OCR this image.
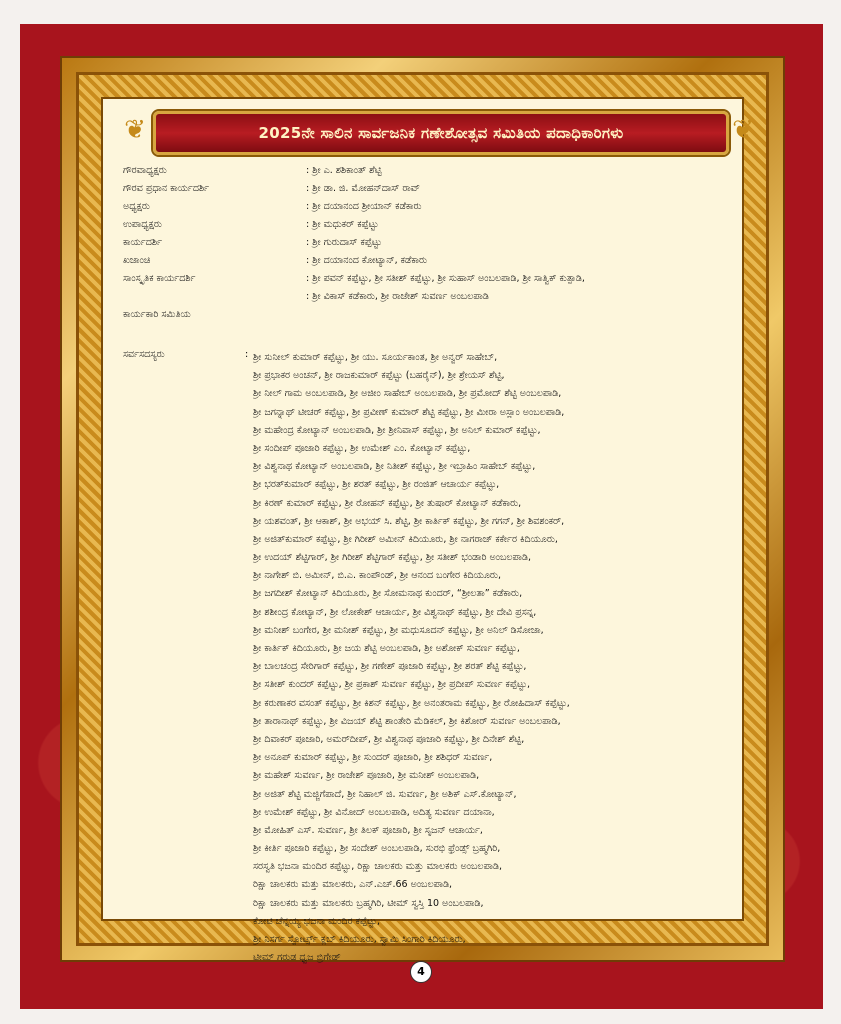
❦	2025ನೇ ಸಾಲಿನ ಸಾರ್ವಜನಿಕ ಗಣೇಶೋತ್ಸವ ಸಮಿತಿಯ ಪದಾಧಿಕಾರಿಗಳು	❦
ಗೌರವಾಧ್ಯಕ್ಷರು	: ಶ್ರೀ ಎ. ಶಶಿಕಾಂತ್ ಶೆಟ್ಟಿ
ಗೌರವ ಪ್ರಧಾನ ಕಾರ್ಯದರ್ಶಿ	: ಶ್ರೀ ಡಾ. ಜಿ. ಮೋಹನ್‌ದಾಸ್ ರಾವ್
ಅಧ್ಯಕ್ಷರು	: ಶ್ರೀ ದಯಾನಂದ ಶ್ರೀಯಾನ್ ಕಡೆಕಾರು
ಉಪಾಧ್ಯಕ್ಷರು	: ಶ್ರೀ ಮಧುಕರ್ ಕಪ್ಪೆಟ್ಟು
ಕಾರ್ಯದರ್ಶಿ	: ಶ್ರೀ ಗುರುದಾಸ್ ಕಪ್ಪೆಟ್ಟು
ಖಜಾಂಚಿ	: ಶ್ರೀ ದಯಾನಂದ ಕೋಟ್ಯಾನ್, ಕಡೆಕಾರು
ಸಾಂಸ್ಕೃತಿಕ ಕಾರ್ಯದರ್ಶಿ	: ಶ್ರೀ ಪವನ್ ಕಪ್ಪೆಟ್ಟು, ಶ್ರೀ ಸತೀಶ್ ಕಪ್ಪೆಟ್ಟು, ಶ್ರೀ ಸುಹಾಸ್ ಅಂಬಲಪಾಡಿ, ಶ್ರೀ ಸಾತ್ವಿಕ್ ಕುತ್ಪಾಡಿ,
: ಶ್ರೀ ವಿಕಾಸ್ ಕಡೆಕಾರು, ಶ್ರೀ ರಾಜೇಶ್ ಸುವರ್ಣ ಅಂಬಲಪಾಡಿ
ಕಾರ್ಯಕಾರಿ ಸಮಿತಿಯ
ಸರ್ವಸದಸ್ಯರು	: ಶ್ರೀ ಸುನೀಲ್ ಕುಮಾರ್ ಕಪ್ಪೆಟ್ಟು, ಶ್ರೀ ಯು. ಸೂರ್ಯಕಾಂತ, ಶ್ರೀ ಅನ್ವರ್ ಸಾಹೇಬ್,
ಶ್ರೀ ಪ್ರಭಾಕರ ಅಂಚನ್, ಶ್ರೀ ರಾಜಕುಮಾರ್ ಕಪ್ಪೆಟ್ಟು (ಬಹರೈನ್), ಶ್ರೀ ಶ್ರೇಯಸ್ ಶೆಟ್ಟಿ,
ಶ್ರೀ ನೀಲ್ ಗಾಮ ಅಂಬಲಪಾಡಿ, ಶ್ರೀ ಅಜೀಂ ಸಾಹೇಬ್ ಅಂಬಲಪಾಡಿ, ಶ್ರೀ ಪ್ರಮೋದ್ ಶೆಟ್ಟಿ ಅಂಬಲಪಾಡಿ,
ಶ್ರೀ ಜಗನ್ನಾಥ್ ಟೀಚರ್ ಕಪ್ಪೆಟ್ಟು, ಶ್ರೀ ಪ್ರವೀಣ್ ಕುಮಾರ್ ಶೆಟ್ಟಿ ಕಪ್ಪೆಟ್ಟು, ಶ್ರೀ ಮೀರಾ ಅಸ್ಲಾಂ ಅಂಬಲಪಾಡಿ,
ಶ್ರೀ ಮಹೇಂದ್ರ ಕೋಟ್ಯಾನ್ ಅಂಬಲಪಾಡಿ, ಶ್ರೀ ಶ್ರೀನಿವಾಸ್ ಕಪ್ಪೆಟ್ಟು, ಶ್ರೀ ಅನಿಲ್ ಕುಮಾರ್ ಕಪ್ಪೆಟ್ಟು,
ಶ್ರೀ ಸಂದೀಪ್ ಪೂಜಾರಿ ಕಪ್ಪೆಟ್ಟು, ಶ್ರೀ ಉಮೇಶ್ ಎಂ. ಕೋಟ್ಯಾನ್ ಕಪ್ಪೆಟ್ಟು,
ಶ್ರೀ ವಿಶ್ವನಾಥ ಕೋಟ್ಯಾನ್ ಅಂಬಲಪಾಡಿ, ಶ್ರೀ ನಿತೀಶ್ ಕಪ್ಪೆಟ್ಟು, ಶ್ರೀ ಇಬ್ರಾಹಿಂ ಸಾಹೇಬ್ ಕಪ್ಪೆಟ್ಟು,
ಶ್ರೀ ಭರತ್‌ಕುಮಾರ್ ಕಪ್ಪೆಟ್ಟು, ಶ್ರೀ ಶರತ್ ಕಪ್ಪೆಟ್ಟು, ಶ್ರೀ ರಂಜಿತ್ ಆಚಾರ್ಯ ಕಪ್ಪೆಟ್ಟು,
ಶ್ರೀ ಕಿರಣ್ ಕುಮಾರ್ ಕಪ್ಪೆಟ್ಟು, ಶ್ರೀ ರೋಹನ್ ಕಪ್ಪೆಟ್ಟು, ಶ್ರೀ ತುಷಾರ್ ಕೋಟ್ಯಾನ್ ಕಡೆಕಾರು,
ಶ್ರೀ ಯಶವಂತ್, ಶ್ರೀ ಆಕಾಶ್, ಶ್ರೀ ಅಭಯ್ ಸಿ. ಶೆಟ್ಟಿ, ಶ್ರೀ ಕಾರ್ತಿಕ್ ಕಪ್ಪೆಟ್ಟು, ಶ್ರೀ ಗಗನ್, ಶ್ರೀ ಶಿವಶಂಕರ್,
ಶ್ರೀ ಅಜಿತ್‌ಕುಮಾರ್ ಕಪ್ಪೆಟ್ಟು, ಶ್ರೀ ಗಿರೀಶ್ ಅಮೀನ್ ಕಿದಿಯೂರು, ಶ್ರೀ ನಾಗರಾಜ್ ಕರ್ಕೇರ ಕಿದಿಯೂರು,
ಶ್ರೀ ಉದಯ್ ಶೆಟ್ಟಿಗಾರ್, ಶ್ರೀ ಗಿರೀಶ್ ಶೆಟ್ಟಿಗಾರ್ ಕಪ್ಪೆಟ್ಟು, ಶ್ರೀ ಸತೀಶ್ ಭಂಡಾರಿ ಅಂಬಲಪಾಡಿ,
ಶ್ರೀ ನಾಗೇಶ್ ಬಿ. ಅಮೀನ್, ಬಿ.ಎ. ಕಾಂಪೌಂಡ್, ಶ್ರೀ ಆನಂದ ಬಂಗೇರ ಕಿದಿಯೂರು,
ಶ್ರೀ ಜಗದೀಶ್ ಕೋಟ್ಯಾನ್ ಕಿದಿಯೂರು, ಶ್ರೀ ಸೋಮನಾಥ ಕುಂದರ್, “ಶ್ರೀಲತಾ” ಕಡೆಕಾರು,
ಶ್ರೀ ಶಶೀಂದ್ರ ಕೋಟ್ಯಾನ್, ಶ್ರೀ ಲೋಕೇಶ್ ಆಚಾರ್ಯ, ಶ್ರೀ ವಿಶ್ವನಾಥ್ ಕಪ್ಪೆಟ್ಟು, ಶ್ರೀ ದೇವಿ ಪ್ರಸನ್ನ,
ಶ್ರೀ ಮನೀಶ್ ಬಂಗೇರ, ಶ್ರೀ ಮನೀಶ್ ಕಪ್ಪೆಟ್ಟು, ಶ್ರೀ ಮಧುಸೂದನ್ ಕಪ್ಪೆಟ್ಟು, ಶ್ರೀ ಅನಿಲ್ ಡಿಸೋಜಾ,
ಶ್ರೀ ಕಾರ್ತಿಕ್ ಕಿದಿಯೂರು, ಶ್ರೀ ಜಯ ಶೆಟ್ಟಿ ಅಂಬಲಪಾಡಿ, ಶ್ರೀ ಅಶೋಕ್ ಸುವರ್ಣ ಕಪ್ಪೆಟ್ಟು,
ಶ್ರೀ ಬಾಲಚಂದ್ರ ಸೇರಿಗಾರ್ ಕಪ್ಪೆಟ್ಟು, ಶ್ರೀ ಗಣೇಶ್ ಪೂಜಾರಿ ಕಪ್ಪೆಟ್ಟು, ಶ್ರೀ ಶರತ್ ಶೆಟ್ಟಿ ಕಪ್ಪೆಟ್ಟು,
ಶ್ರೀ ಸತೀಶ್ ಕುಂದರ್ ಕಪ್ಪೆಟ್ಟು, ಶ್ರೀ ಪ್ರಕಾಶ್ ಸುವರ್ಣ ಕಪ್ಪೆಟ್ಟು, ಶ್ರೀ ಪ್ರದೀಪ್ ಸುವರ್ಣ ಕಪ್ಪೆಟ್ಟು,
ಶ್ರೀ ಕರುಣಾಕರ ವಸಂತ್ ಕಪ್ಪೆಟ್ಟು, ಶ್ರೀ ಕಿಶನ್ ಕಪ್ಪೆಟ್ಟು, ಶ್ರೀ ಅನಂತರಾಮ ಕಪ್ಪೆಟ್ಟು, ಶ್ರೀ ರೋಹಿದಾಸ್ ಕಪ್ಪೆಟ್ಟು,
ಶ್ರೀ ತಾರಾನಾಥ್ ಕಪ್ಪೆಟ್ಟು, ಶ್ರೀ ವಿಜಯ್ ಶೆಟ್ಟಿ ಶಾಂತೇರಿ ಮೆಡಿಕಲ್, ಶ್ರೀ ಕಿಶೋರ್ ಸುವರ್ಣ ಅಂಬಲಪಾಡಿ,
ಶ್ರೀ ದಿವಾಕರ್ ಪೂಜಾರಿ, ಅಮರ್‌ದೀಪ್, ಶ್ರೀ ವಿಶ್ವನಾಥ ಪೂಜಾರಿ ಕಪ್ಪೆಟ್ಟು, ಶ್ರೀ ದಿನೇಶ್ ಶೆಟ್ಟಿ,
ಶ್ರೀ ಅನೂಪ್ ಕುಮಾರ್ ಕಪ್ಪೆಟ್ಟು, ಶ್ರೀ ಸುಂದರ್ ಪೂಜಾರಿ, ಶ್ರೀ ಶಶಿಧರ್ ಸುವರ್ಣ,
ಶ್ರೀ ಮಹೇಶ್ ಸುವರ್ಣ, ಶ್ರೀ ರಾಜೇಶ್ ಪೂಜಾರಿ, ಶ್ರೀ ಮನೀಶ್ ಅಂಬಲಪಾಡಿ,
ಶ್ರೀ ಅಜಿತ್ ಶೆಟ್ಟಿ ಮಜ್ಜಿಗೆಪಾದೆ, ಶ್ರೀ ನಿಹಾಲ್ ಜಿ. ಸುವರ್ಣ, ಶ್ರೀ ಅಶಿಕ್ ಎಸ್.ಕೋಟ್ಯಾನ್,
ಶ್ರೀ ಉಮೇಶ್ ಕಪ್ಪೆಟ್ಟು, ಶ್ರೀ ವಿನೋದ್ ಅಂಬಲಪಾಡಿ, ಅದಿತ್ಯ ಸುವರ್ಣ ದಯಾನಾ,
ಶ್ರೀ ಮೋಹಿತ್ ಎಸ್. ಸುವರ್ಣ, ಶ್ರೀ ತಿಲಕ್ ಪೂಜಾರಿ, ಶ್ರೀ ಸೃಜನ್ ಆಚಾರ್ಯ,
ಶ್ರೀ ಕೀರ್ತಿ ಪೂಜಾರಿ ಕಪ್ಪೆಟ್ಟು, ಶ್ರೀ ಸಂದೇಶ್ ಅಂಬಲಪಾಡಿ, ಸುರಭಿ ಫ್ರೆಂಡ್ಸ್ ಬ್ರಹ್ಮಗಿರಿ,
ಸರಸ್ವತಿ ಭಜನಾ ಮಂದಿರ ಕಪ್ಪೆಟ್ಟು, ರಿಕ್ಷಾ ಚಾಲಕರು ಮತ್ತು ಮಾಲಕರು ಅಂಬಲಪಾಡಿ,
ರಿಕ್ಷಾ ಚಾಲಕರು ಮತ್ತು ಮಾಲಕರು, ಎನ್.ಎಚ್.66 ಅಂಬಲಪಾಡಿ,
ರಿಕ್ಷಾ ಚಾಲಕರು ಮತ್ತು ಮಾಲಕರು ಬ್ರಹ್ಮಗಿರಿ, ಟೀಮ್ ಸ್ವಸ್ತಿ 10 ಅಂಬಲಪಾಡಿ,
ಕೋಟಿ ಚೆನ್ನಯ್ಯ ಭಜನಾ ಮಂದಿರ ಕಪ್ಪೆಟ್ಟು,
ಶ್ರೀ ನಿಸರ್ಗ ಸ್ಪೋರ್ಟ್ಸ್ ಕ್ಲಬ್ ಕಿದಿಯೂರು, ಸ್ವಾಮಿ ಸಿಂಗಾರಿ ಕಿದಿಯೂರು,
ಟೀಮ್ ಗರುಡ ಧ್ವಜ ಬ್ರಿಗೇಡ್
4
